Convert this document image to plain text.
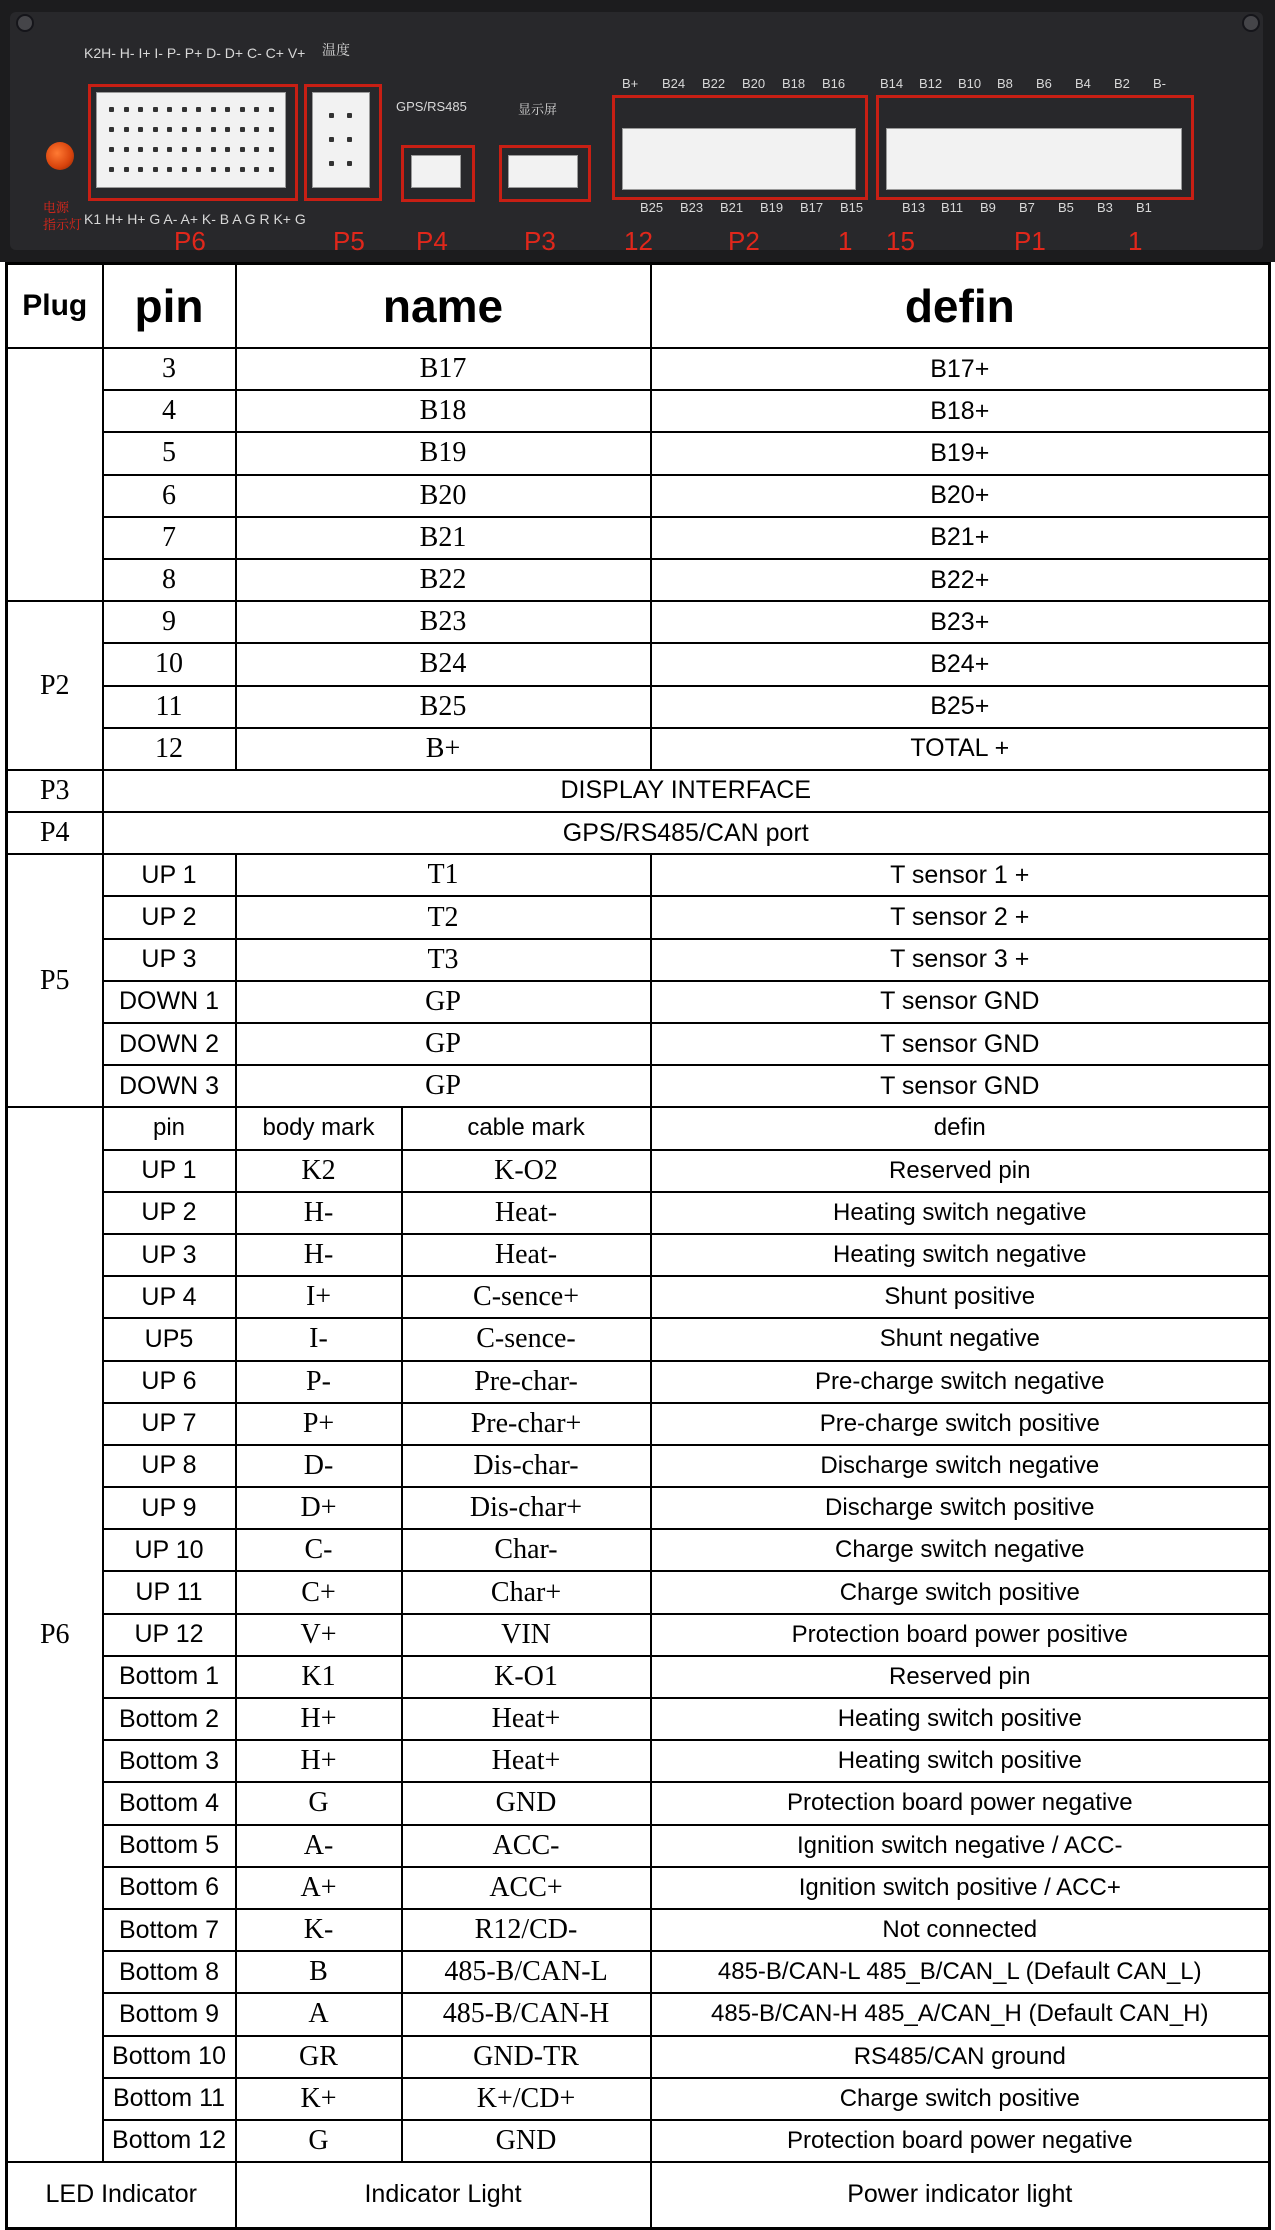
K2H- H- I+ I- P- P+ D- D+ C- C+ V+
K1 H+ H+ G A- A+ K- B A G R K+ G
P6
温度
P5
GPS/RS485
P4
显示屏
P3
电源
指示灯
12	P2	1
B+ B24 B22 B20 B18 B16
B25 B23 B21 B19 B17 B15
15	P1	1
B14 B12 B10 B8 B6 B4 B2 B-
B13 B11 B9 B7 B5 B3 B1
Plug	pin	name		defin
	3	B17		B17+
	4	B18		B18+
	5	B19		B19+
	6	B20		B20+
	7	B21		B21+
	8	B22		B22+
P2	9	B23		B23+
	10	B24		B24+
	11	B25		B25+
	12	B+		TOTAL +
P3	DISPLAY INTERFACE			
P4	GPS/RS485/CAN port			
P5	UP 1	T1		T sensor 1 +
	UP 2	T2		T sensor 2 +
	UP 3	T3		T sensor 3 +
	DOWN 1	GP		T sensor GND
	DOWN 2	GP		T sensor GND
	DOWN 3	GP		T sensor GND
P6	pin	body mark	cable mark	defin
	UP 1	K2	K-O2	Reserved pin
	UP 2	H-	Heat-	Heating switch negative
	UP 3	H-	Heat-	Heating switch negative
	UP 4	I+	C-sence+	Shunt positive
	UP5	I-	C-sence-	Shunt negative
	UP 6	P-	Pre-char-	Pre-charge switch negative
	UP 7	P+	Pre-char+	Pre-charge switch positive
	UP 8	D-	Dis-char-	Discharge switch negative
	UP 9	D+	Dis-char+	Discharge switch positive
	UP 10	C-	Char-	Charge switch negative
	UP 11	C+	Char+	Charge switch positive
	UP 12	V+	VIN	Protection board power positive
	Bottom 1	K1	K-O1	Reserved pin
	Bottom 2	H+	Heat+	Heating switch positive
	Bottom 3	H+	Heat+	Heating switch positive
	Bottom 4	G	GND	Protection board power negative
	Bottom 5	A-	ACC-	Ignition switch negative / ACC-
	Bottom 6	A+	ACC+	Ignition switch positive / ACC+
	Bottom 7	K-	R12/CD-	Not connected
	Bottom 8	B	485-B/CAN-L	485-B/CAN-L 485_B/CAN_L (Default CAN_L)
	Bottom 9	A	485-B/CAN-H	485-B/CAN-H 485_A/CAN_H (Default CAN_H)
	Bottom 10	GR	GND-TR	RS485/CAN ground
	Bottom 11	K+	K+/CD+	Charge switch positive
	Bottom 12	G	GND	Protection board power negative
LED Indicator		Indicator Light		Power indicator light
